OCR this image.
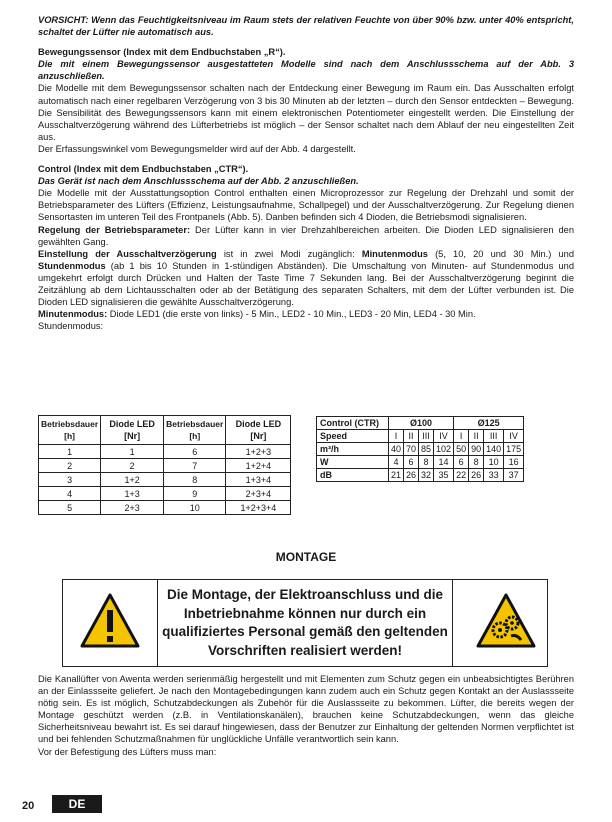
VORSICHT: Wenn das Feuchtigkeitsniveau im Raum stets der relativen Feuchte von über 90% bzw. unter 40% entspricht, schaltet der Lüfter nie automatisch aus.

Bewegungssensor (Index mit dem Endbuchstaben „R“).

Die mit einem Bewegungssensor ausgestatteten Modelle sind nach dem Anschlussschema auf der Abb. 3 anzuschließen.

Die Modelle mit dem Bewegungssensor schalten nach der Entdeckung einer Bewegung im Raum ein. Das Ausschalten erfolgt automatisch nach einer regelbaren Verzögerung von 3 bis 30 Minuten ab der letzten – durch den Sensor entdeckten – Bewegung. Die Sensibilität des Bewegungssensors kann mit einem elektronischen Potentiometer eingestellt werden. Die Einstellung der Ausschaltverzögerung während des Lüfterbetriebs ist möglich – der Sensor schaltet nach dem Ablauf der neu eingestellten Zeit aus.

Der Erfassungswinkel vom Bewegungsmelder wird auf der Abb. 4 dargestellt.

Control (Index mit dem Endbuchstaben „CTR“).

Das Gerät ist nach dem Anschlussschema auf der Abb. 2 anzuschließen.

Die Modelle mit der Ausstattungsoption Control enthalten einen Microprozessor zur Regelung der Drehzahl und somit der Betriebsparameter des Lüfters (Effizienz, Leistungsaufnahme, Schallpegel) und der Ausschaltverzögerung. Zur Regelung dienen Sensortasten im unteren Teil des Frontpanels (Abb. 5). Danben befinden sich 4 Dioden, die Betriebsmodi signalisieren.

Regelung der Betriebsparameter: Der Lüfter kann in vier Drehzahlbereichen arbeiten. Die Dioden LED signalisieren den gewählten Gang.

Einstellung der Ausschaltverzögerung ist in zwei Modi zugänglich: Minutenmodus (5, 10, 20 und 30 Min.) und Stundenmodus (ab 1 bis 10 Stunden in 1-stündigen Abständen). Die Umschaltung von Minuten- auf Stundenmodus und umgekehrt erfolgt durch Drücken und Halten der Taste Time 7 Sekunden lang. Bei der Ausschaltverzögerung beginnt die Zeitzählung ab dem Lichtausschalten oder ab der Betätigung des separaten Schalters, mit dem der Lüfter verbunden ist. Die Dioden LED signalisieren die gewählte Ausschaltverzögerung.

Minutenmodus: Diode LED1 (die erste von links) - 5 Min., LED2 - 10 Min., LED3 - 20 Min, LED4 - 30 Min.

Stundenmodus:

Betriebsdauer [h]	Diode LED [Nr]	Betriebsdauer [h]	Diode LED [Nr]
1	1	6	1+2+3
2	2	7	1+2+4
3	1+2	8	1+3+4
4	1+3	9	2+3+4
5	2+3	10	1+2+3+4
Control (CTR)	Ø100				Ø125			
Speed	I	II	III	IV	I	II	III	IV
m³/h	40	70	85	102	50	90	140	175
W	4	6	8	14	6	8	10	16
dB	21	26	32	35	22	26	33	37
MONTAGE
Die Montage, der Elektroanschluss und die Inbetriebnahme können nur durch ein qualifiziertes Personal gemäß den geltenden Vorschriften realisiert werden!

Die Kanallüfter von Awenta werden serienmäßig hergestellt und mit Elementen zum Schutz gegen ein unbeabsichtigtes Berühren an der Einlassseite geliefert. Je nach den Montagebedingungen kann zudem auch ein Schutz gegen Kontakt an der Auslassseite nötig sein. Es ist möglich, Schutzabdeckungen als Zubehör für die Auslassseite zu bekommen. Lüfter, die bereits wegen der Montage geschützt werden (z.B. in Ventilationskanälen), brauchen keine Schutzabdeckungen, wenn das gleiche Sicherheitsniveau bewahrt ist. Es sei darauf hingewiesen, dass der Benutzer zur Einhaltung der geltenden Normen verpflichtet ist und bei fehlenden Schutzmaßnahmen für unglückliche Unfälle verantwortlich sein kann.

Vor der Befestigung des Lüfters muss man:

20	DE
